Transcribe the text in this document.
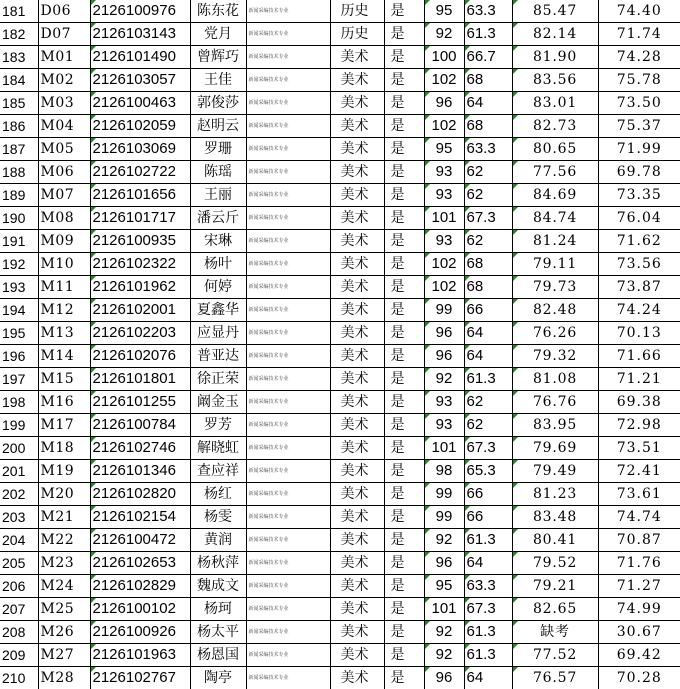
181	D06	2126100976	陈东花	新闻采编技术专业	历史	是	95	63.3	85.47	74.40
182	D07	2126103143	党月	新闻采编技术专业	历史	是	92	61.3	82.14	71.74
183	M01	2126101490	曾辉巧	新闻采编技术专业	美术	是	100	66.7	81.90	74.28
184	M02	2126103057	王佳	新闻采编技术专业	美术	是	102	68	83.56	75.78
185	M03	2126100463	郭俊莎	新闻采编技术专业	美术	是	96	64	83.01	73.50
186	M04	2126102059	赵明云	新闻采编技术专业	美术	是	102	68	82.73	75.37
187	M05	2126103069	罗珊	新闻采编技术专业	美术	是	95	63.3	80.65	71.99
188	M06	2126102722	陈瑶	新闻采编技术专业	美术	是	93	62	77.56	69.78
189	M07	2126101656	王丽	新闻采编技术专业	美术	是	93	62	84.69	73.35
190	M08	2126101717	潘云斤	新闻采编技术专业	美术	是	101	67.3	84.74	76.04
191	M09	2126100935	宋琳	新闻采编技术专业	美术	是	93	62	81.24	71.62
192	M10	2126102322	杨叶	新闻采编技术专业	美术	是	102	68	79.11	73.56
193	M11	2126101962	何婷	新闻采编技术专业	美术	是	102	68	79.73	73.87
194	M12	2126102001	夏鑫华	新闻采编技术专业	美术	是	99	66	82.48	74.24
195	M13	2126102203	应显丹	新闻采编技术专业	美术	是	96	64	76.26	70.13
196	M14	2126102076	普亚达	新闻采编技术专业	美术	是	96	64	79.32	71.66
197	M15	2126101801	徐正荣	新闻采编技术专业	美术	是	92	61.3	81.08	71.21
198	M16	2126101255	阚金玉	新闻采编技术专业	美术	是	93	62	76.76	69.38
199	M17	2126100784	罗芳	新闻采编技术专业	美术	是	93	62	83.95	72.98
200	M18	2126102746	解晓虹	新闻采编技术专业	美术	是	101	67.3	79.69	73.51
201	M19	2126101346	查应祥	新闻采编技术专业	美术	是	98	65.3	79.49	72.41
202	M20	2126102820	杨红	新闻采编技术专业	美术	是	99	66	81.23	73.61
203	M21	2126102154	杨雯	新闻采编技术专业	美术	是	99	66	83.48	74.74
204	M22	2126100472	黄润	新闻采编技术专业	美术	是	92	61.3	80.41	70.87
205	M23	2126102653	杨秋萍	新闻采编技术专业	美术	是	96	64	79.52	71.76
206	M24	2126102829	魏成文	新闻采编技术专业	美术	是	95	63.3	79.21	71.27
207	M25	2126100102	杨珂	新闻采编技术专业	美术	是	101	67.3	82.65	74.99
208	M26	2126100926	杨太平	新闻采编技术专业	美术	是	92	61.3	缺考	30.67
209	M27	2126101963	杨恩国	新闻采编技术专业	美术	是	92	61.3	77.52	69.42
210	M28	2126102767	陶亭	新闻采编技术专业	美术	是	96	64	76.57	70.28
